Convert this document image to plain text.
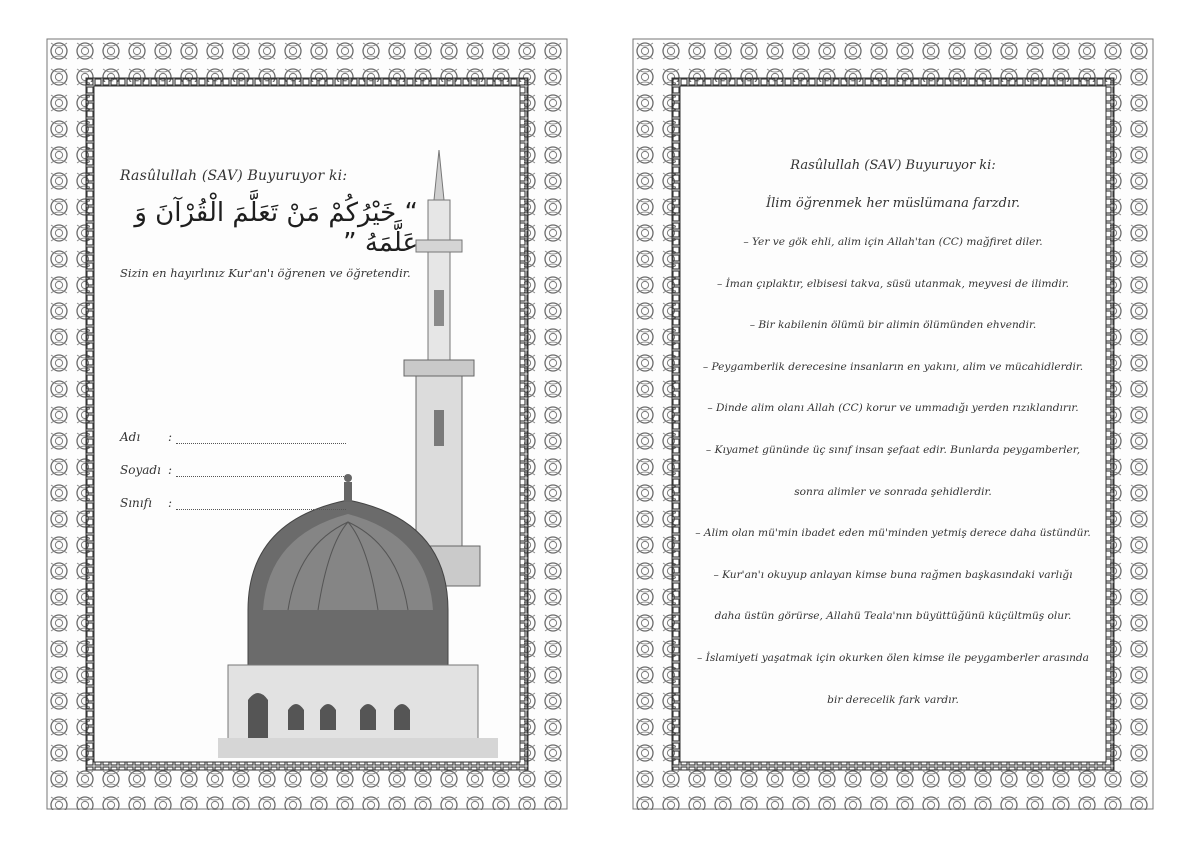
Rasûlullah (SAV) Buyuruyor ki:
“ خَيْرُكُمْ مَنْ تَعَلَّمَ الْقُرْآنَ وَ عَلَّمَهُ ”
Sizin en hayırlınız Kur'an'ı öğrenen ve öğretendir.
Adı	:
Soyadı :
Sınıfı	:
Rasûlullah (SAV) Buyuruyor ki:
İlim öğrenmek her müslümana farzdır.
– Yer ve gök ehli, alim için Allah'tan (CC) mağfiret diler.
– İman çıplaktır, elbisesi takva, süsü utanmak, meyvesi de ilimdir.
– Bir kabilenin ölümü bir alimin ölümünden ehvendir.
– Peygamberlik derecesine insanların en yakını, alim ve mücahidlerdir.
– Dinde alim olanı Allah (CC) korur ve ummadığı yerden rızıklandırır.
– Kıyamet gününde üç sınıf insan şefaat edir. Bunlarda peygamberler,
sonra alimler ve sonrada şehidlerdir.
– Alim olan mü'min ibadet eden mü'minden yetmiş derece daha üstündür.
– Kur'an'ı okuyup anlayan kimse buna rağmen başkasındaki varlığı
daha üstün görürse, Allahü Teala'nın büyüttüğünü küçültmüş olur.
– İslamiyeti yaşatmak için okurken ölen kimse ile peygamberler arasında
bir derecelik fark vardır.
